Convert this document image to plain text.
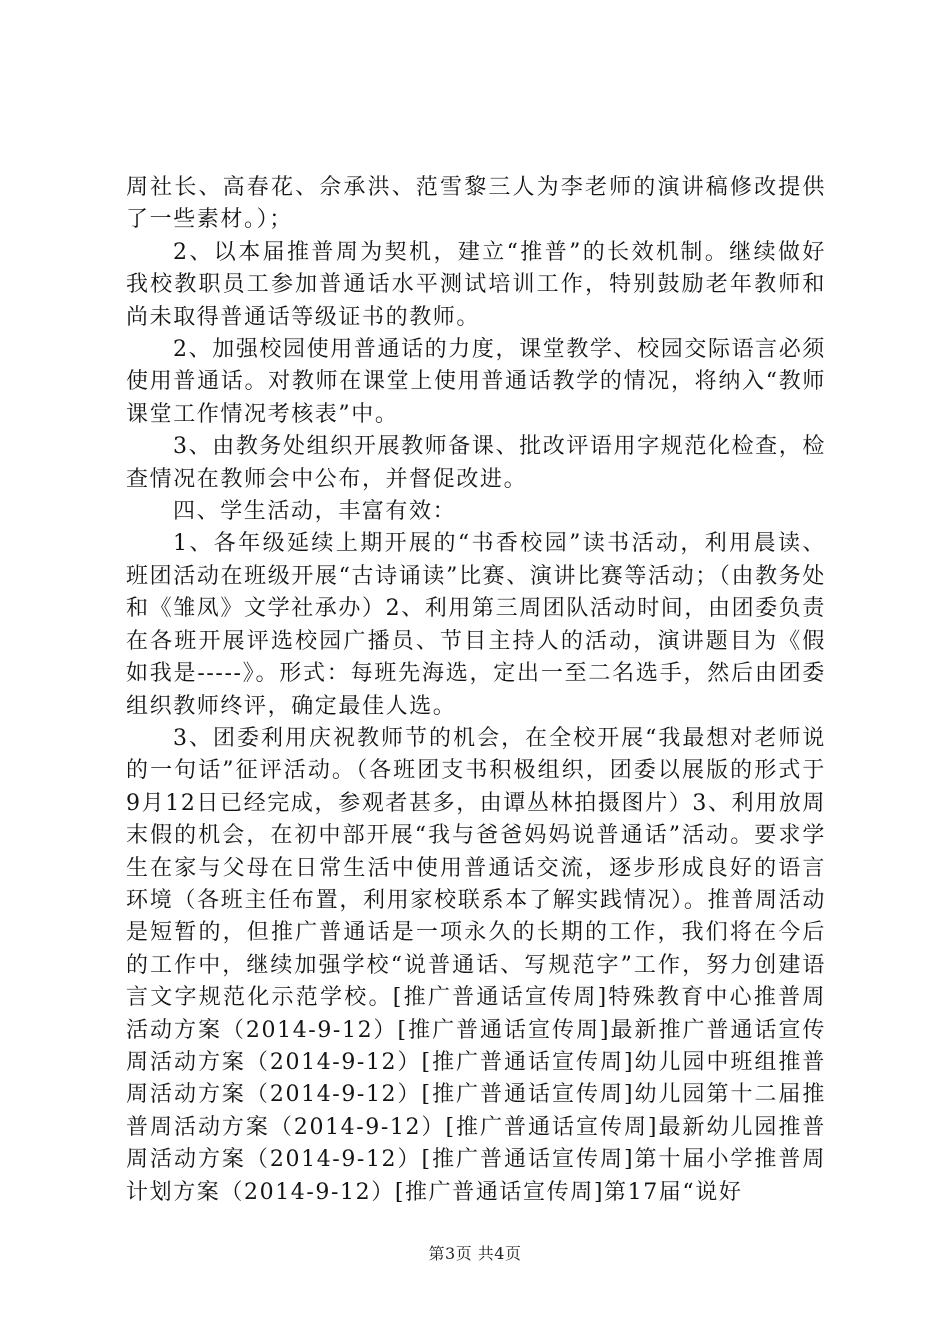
周社长、高春花、佘承洪、范雪黎三人为李老师的演讲稿修改提供了一些素材。）；

2、以本届推普周为契机，建立“推普”的长效机制。继续做好我校教职员工参加普通话水平测试培训工作，特别鼓励老年教师和尚未取得普通话等级证书的教师。

2、加强校园使用普通话的力度，课堂教学、校园交际语言必须使用普通话。对教师在课堂上使用普通话教学的情况，将纳入“教师课堂工作情况考核表”中。

3、由教务处组织开展教师备课、批改评语用字规范化检查，检查情况在教师会中公布，并督促改进。

四、学生活动，丰富有效：

1、各年级延续上期开展的“书香校园”读书活动，利用晨读、班团活动在班级开展“古诗诵读”比赛、演讲比赛等活动；（由教务处和《雏凤》文学社承办）2、利用第三周团队活动时间，由团委负责在各班开展评选校园广播员、节目主持人的活动，演讲题目为《假如我是-----》。形式：每班先海选，定出一至二名选手，然后由团委组织教师终评，确定最佳人选。

3、团委利用庆祝教师节的机会，在全校开展“我最想对老师说的一句话”征评活动。（各班团支书积极组织，团委以展版的形式于9月12日已经完成，参观者甚多，由谭丛林拍摄图片）3、利用放周末假的机会，在初中部开展“我与爸爸妈妈说普通话”活动。要求学生在家与父母在日常生活中使用普通话交流，逐步形成良好的语言环境（各班主任布置，利用家校联系本了解实践情况）。推普周活动是短暂的，但推广普通话是一项永久的长期的工作，我们将在今后的工作中，继续加强学校“说普通话、写规范字”工作，努力创建语言文字规范化示范学校。[推广普通话宣传周]特殊教育中心推普周活动方案（2014-9-12）[推广普通话宣传周]最新推广普通话宣传周活动方案（2014-9-12）[推广普通话宣传周]幼儿园中班组推普周活动方案（2014-9-12）[推广普通话宣传周]幼儿园第十二届推普周活动方案（2014-9-12）[推广普通话宣传周]最新幼儿园推普周活动方案（2014-9-12）[推广普通话宣传周]第十届小学推普周计划方案（2014-9-12）[推广普通话宣传周]第17届“说好

第3页 共4页
